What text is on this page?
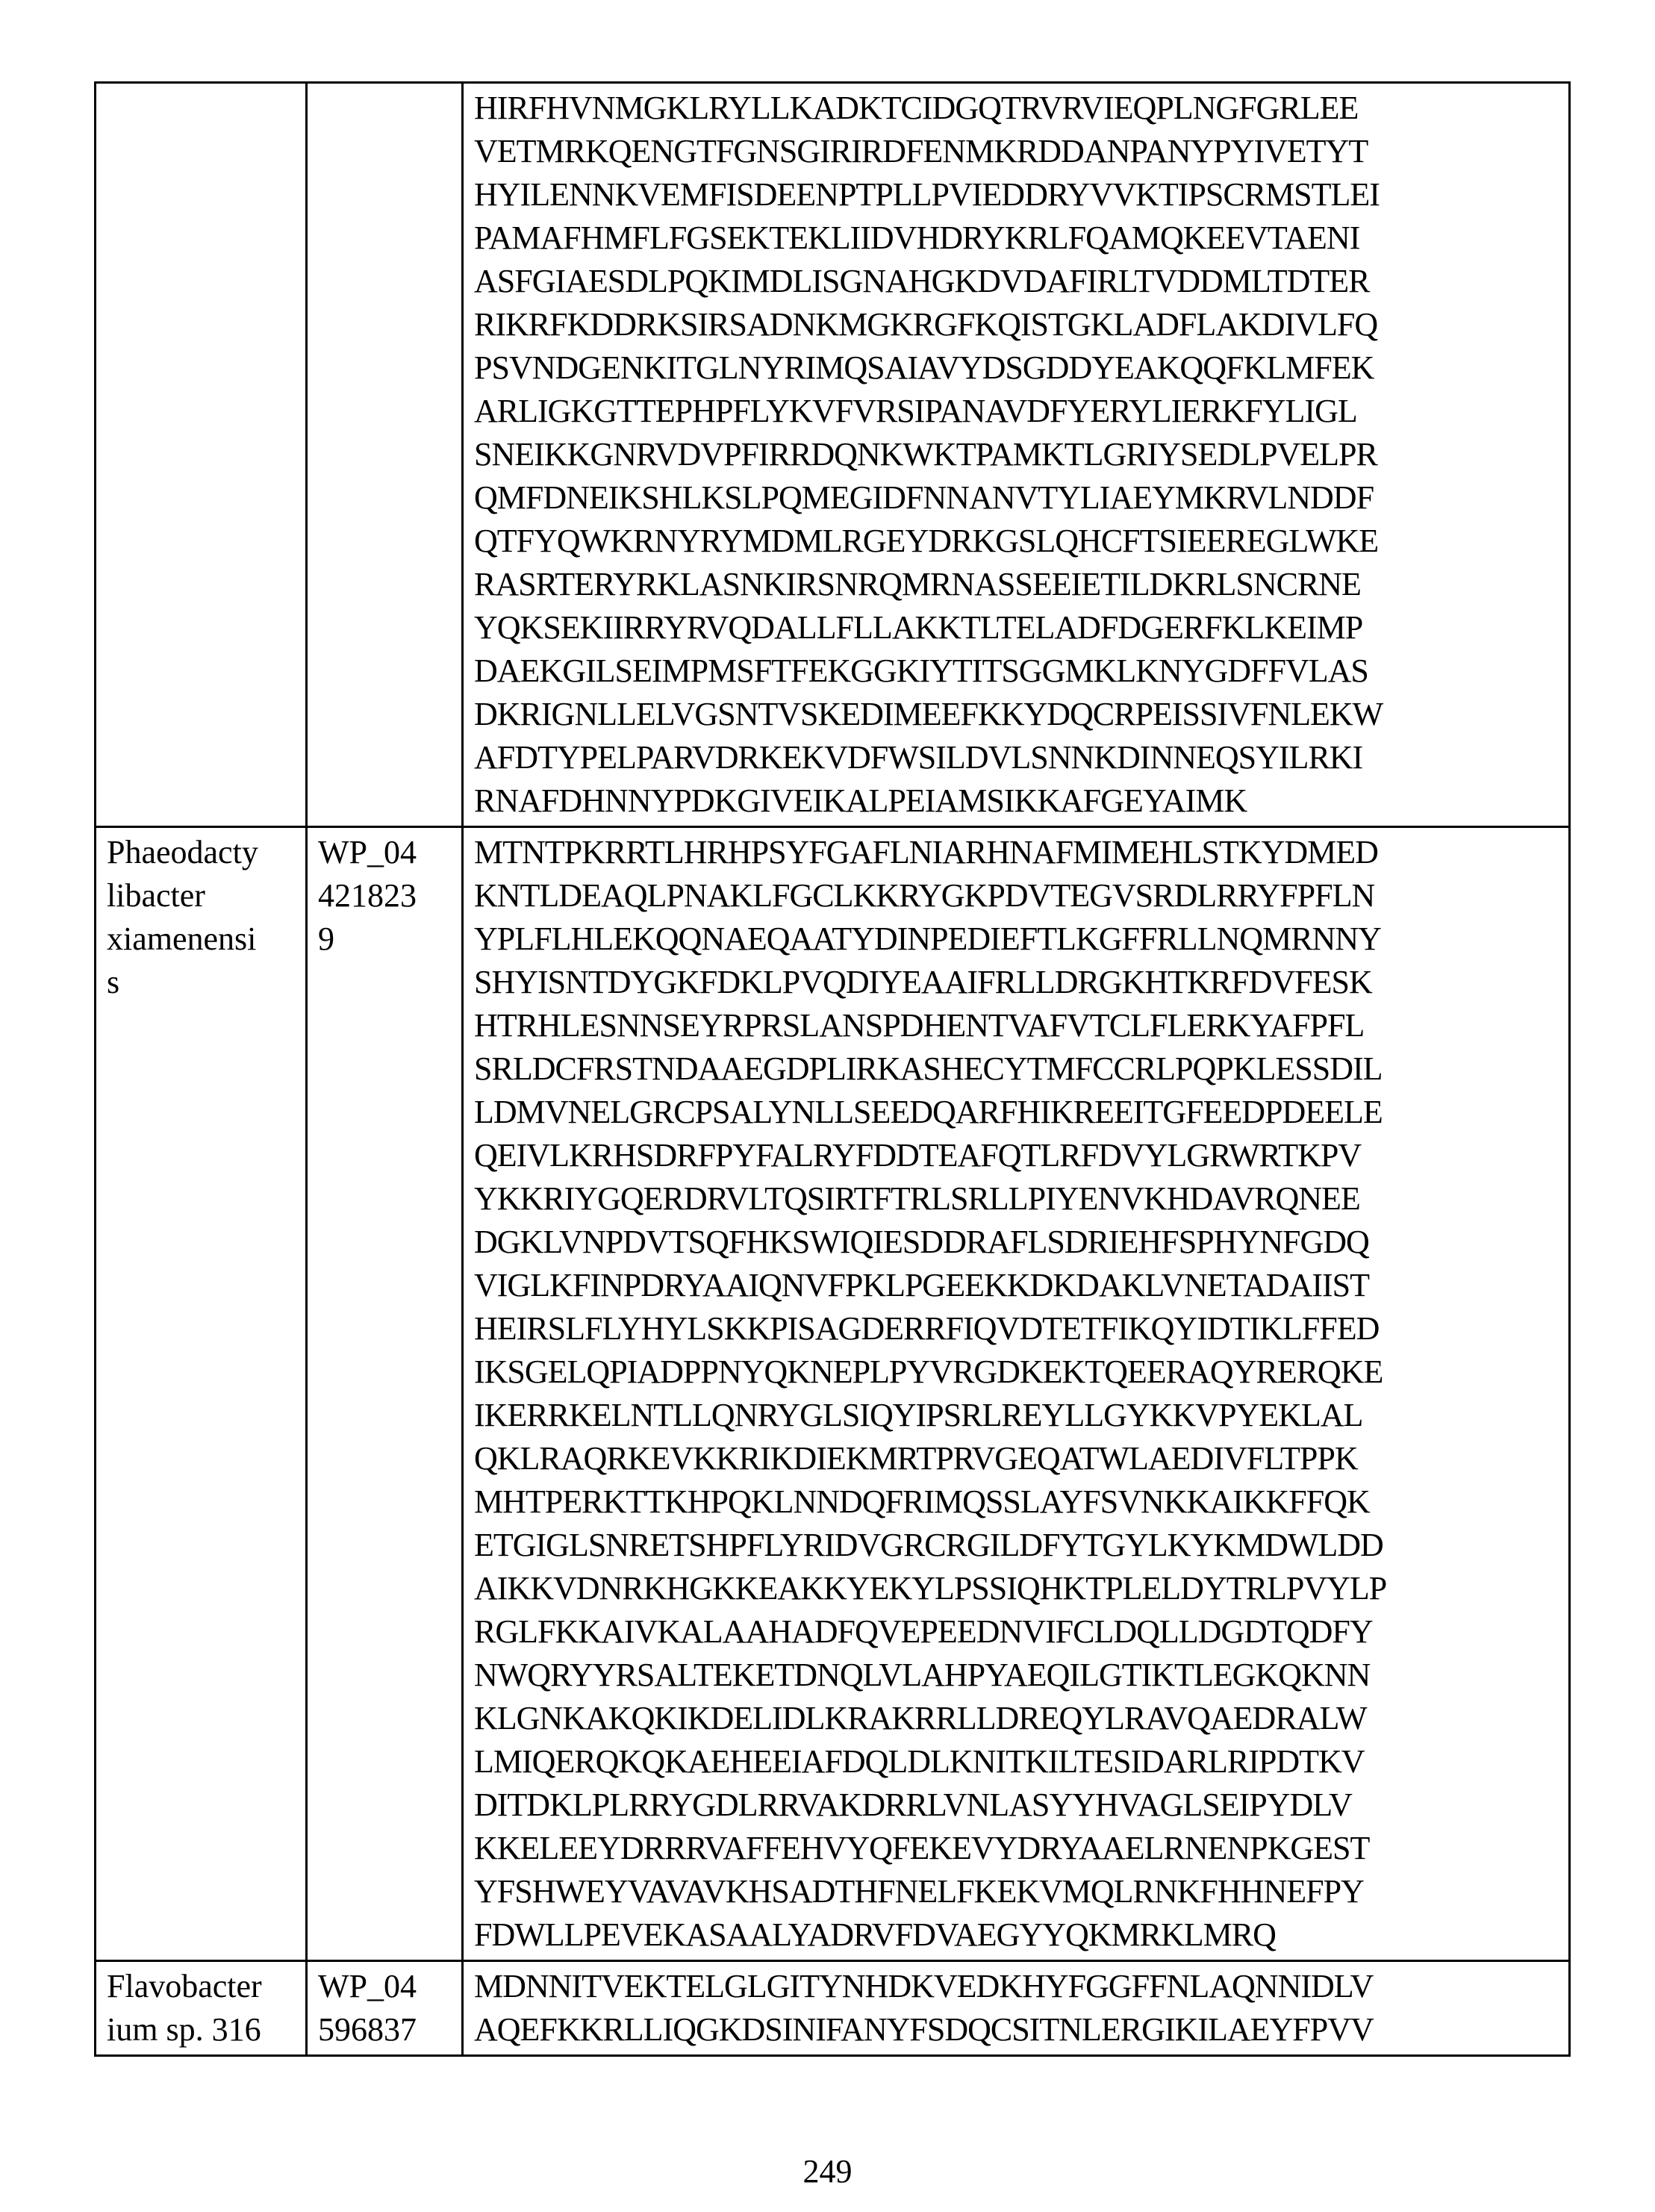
HIRFHVNMGKLRYLLKADKTCIDGQTRVRVIEQPLNGFGRLEE
VETMRKQENGTFGNSGIRIRDFENMKRDDANPANYPYIVETYT
HYILENNKVEMFISDEENPTPLLPVIEDDRYVVKTIPSCRMSTLEI
PAMAFHMFLFGSEKTEKLIIDVHDRYKRLFQAMQKEEVTAENI
ASFGIAESDLPQKIMDLISGNAHGKDVDAFIRLTVDDMLTDTER
RIKRFKDDRKSIRSADNKMGKRGFKQISTGKLADFLAKDIVLFQ
PSVNDGENKITGLNYRIMQSAIAVYDSGDDYEAKQQFKLMFEK
ARLIGKGTTEPHPFLYKVFVRSIPANAVDFYERYLIERKFYLIGL
SNEIKKGNRVDVPFIRRDQNKWKTPAMKTLGRIYSEDLPVELPR
QMFDNEIKSHLKSLPQMEGIDFNNANVTYLIAEYMKRVLNDDF
QTFYQWKRNYRYMDMLRGEYDRKGSLQHCFTSIEEREGLWKE
RASRTERYRKLASNKIRSNRQMRNASSEEIETILDKRLSNCRNE
YQKSEKIIRRYRVQDALLFLLAKKTLTELADFDGERFKLKEIMP
DAEKGILSEIMPMSFTFEKGGKIYTITSGGMKLKNYGDFFVLAS
DKRIGNLLELVGSNTVSKEDIMEEFKKYDQCRPEISSIVFNLEKW
AFDTYPELPARVDRKEKVDFWSILDVLSNNKDINNEQSYILRKI
RNAFDHNNYPDKGIVEIKALPEIAMSIKKAFGEYAIMK

Phaeodacty
libacter
xiamenensi
s

WP_04
421823
9

MTNTPKRRTLHRHPSYFGAFLNIARHNAFMIMEHLSTKYDMED
KNTLDEAQLPNAKLFGCLKKRYGKPDVTEGVSRDLRRYFPFLN
YPLFLHLEKQQNAEQAATYDINPEDIEFTLKGFFRLLNQMRNNY
SHYISNTDYGKFDKLPVQDIYEAAIFRLLDRGKHTKRFDVFESK
HTRHLESNNSEYRPRSLANSPDHENTVAFVTCLFLERKYAFPFL
SRLDCFRSTNDAAEGDPLIRKASHECYTMFCCRLPQPKLESSDIL
LDMVNELGRCPSALYNLLSEEDQARFHIKREEITGFEEDPDEELE
QEIVLKRHSDRFPYFALRYFDDTEAFQTLRFDVYLGRWRTKPV
YKKRIYGQERDRVLTQSIRTFTRLSRLLPIYENVKHDAVRQNEE
DGKLVNPDVTSQFHKSWIQIESDDRAFLSDRIEHFSPHYNFGDQ
VIGLKFINPDRYAAIQNVFPKLPGEEKKDKDAKLVNETADAIIST
HEIRSLFLYHYLSKKPISAGDERRFIQVDTETFIKQYIDTIKLFFED
IKSGELQPIADPPNYQKNEPLPYVRGDKEKTQEERAQYRERQKE
IKERRKELNTLLQNRYGLSIQYIPSRLREYLLGYKKVPYEKLAL
QKLRAQRKEVKKRIKDIEKMRTPRVGEQATWLAEDIVFLTPPK
MHTPERKTTKHPQKLNNDQFRIMQSSLAYFSVNKKAIKKFFQK
ETGIGLSNRETSHPFLYRIDVGRCRGILDFYTGYLKYKMDWLDD
AIKKVDNRKHGKKEAKKYEKYLPSSIQHKTPLELDYTRLPVYLP
RGLFKKAIVKALAAHADFQVEPEEDNVIFCLDQLLDGDTQDFY
NWQRYYRSALTEKETDNQLVLAHPYAEQILGTIKTLEGKQKNN
KLGNKAKQKIKDELIDLKRAKRRLLDREQYLRAVQAEDRALW
LMIQERQKQKAEHEEIAFDQLDLKNITKILTESIDARLRIPDTKV
DITDKLPLRRYGDLRRVAKDRRLVNLASYYHVAGLSEIPYDLV
KKELEEYDRRRVAFFEHVYQFEKEVYDRYAAELRNENPKGEST
YFSHWEYVAVAVKHSADTHFNELFKEKVMQLRNKFHHNEFPY
FDWLLPEVEKASAALYADRVFDVAEGYYQKMRKLMRQ

Flavobacter
ium sp. 316

WP_04
596837

MDNNITVEKTELGLGITYNHDKVEDKHYFGGFFNLAQNNIDLV
AQEFKKRLLIQGKDSINIFANYFSDQCSITNLERGIKILAEYFPVV
249
